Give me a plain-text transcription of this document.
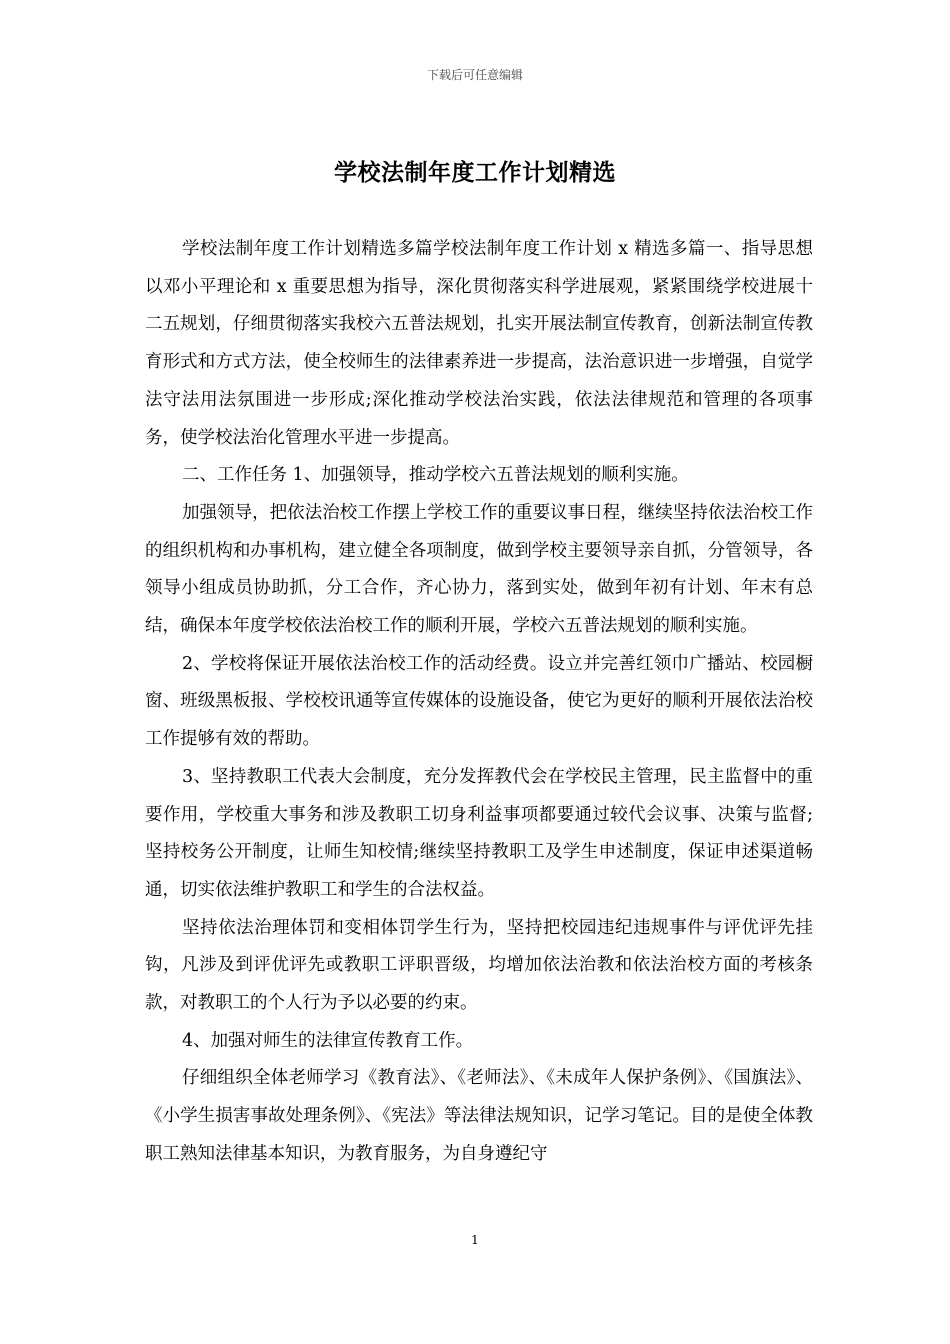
下载后可任意编辑
学校法制年度工作计划精选

学校法制年度工作计划精选多篇学校法制年度工作计划 x 精选多篇一、指导思想以邓小平理论和 x 重要思想为指导，深化贯彻落实科学进展观，紧紧围绕学校进展十二五规划，仔细贯彻落实我校六五普法规划，扎实开展法制宣传教育，创新法制宣传教育形式和方式方法，使全校师生的法律素养进一步提高，法治意识进一步增强，自觉学法守法用法氛围进一步形成;深化推动学校法治实践，依法法律规范和管理的各项事务，使学校法治化管理水平进一步提高。

二、工作任务 1、加强领导，推动学校六五普法规划的顺利实施。

加强领导，把依法治校工作摆上学校工作的重要议事日程，继续坚持依法治校工作的组织机构和办事机构，建立健全各项制度，做到学校主要领导亲自抓，分管领导，各领导小组成员协助抓，分工合作，齐心协力，落到实处，做到年初有计划、年末有总结，确保本年度学校依法治校工作的顺利开展，学校六五普法规划的顺利实施。

2、学校将保证开展依法治校工作的活动经费。设立并完善红领巾广播站、校园橱窗、班级黑板报、学校校讯通等宣传媒体的设施设备，使它为更好的顺利开展依法治校工作提够有效的帮助。

3、坚持教职工代表大会制度，充分发挥教代会在学校民主管理，民主监督中的重要作用，学校重大事务和涉及教职工切身利益事项都要通过较代会议事、决策与监督;坚持校务公开制度，让师生知校情;继续坚持教职工及学生申述制度，保证申述渠道畅通，切实依法维护教职工和学生的合法权益。

坚持依法治理体罚和变相体罚学生行为，坚持把校园违纪违规事件与评优评先挂钩，凡涉及到评优评先或教职工评职晋级，均增加依法治教和依法治校方面的考核条款，对教职工的个人行为予以必要的约束。

4、加强对师生的法律宣传教育工作。

仔细组织全体老师学习《教育法》、《老师法》、《未成年人保护条例》、《国旗法》、《小学生损害事故处理条例》、《宪法》等法律法规知识，记学习笔记。目的是使全体教职工熟知法律基本知识，为教育服务，为自身遵纪守

1
